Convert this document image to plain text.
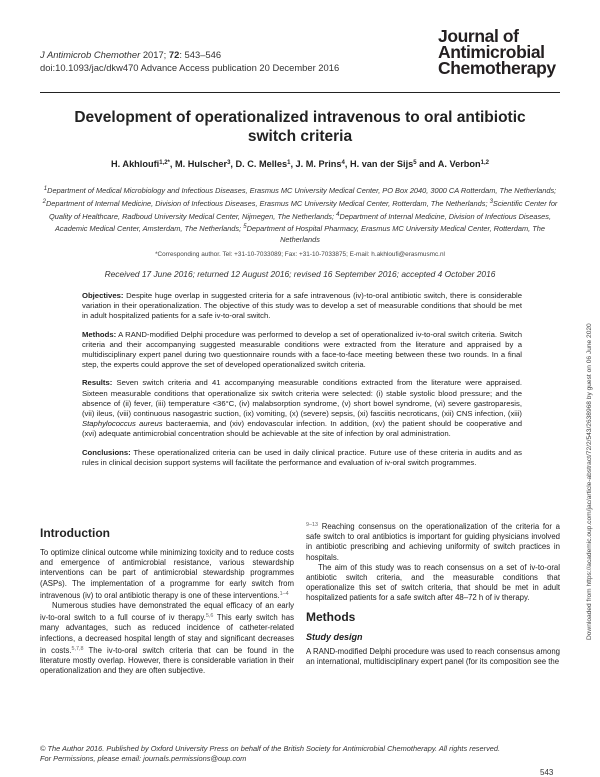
J Antimicrob Chemother 2017; 72: 543–546
doi:10.1093/jac/dkw470 Advance Access publication 20 December 2016
Journal of
Antimicrobial
Chemotherapy
Development of operationalized intravenous to oral antibiotic
switch criteria
H. Akhloufi$^{1,2*}$, M. Hulscher$^3$, D. C. Melles$^1$, J. M. Prins$^4$, H. van der Sijs$^5$ and A. Verbon$^{1,2}$
$^1$Department of Medical Microbiology and Infectious Diseases, Erasmus MC University Medical Center, PO Box 2040, 3000 CA Rotterdam, The Netherlands; $^2$Department of Internal Medicine, Division of Infectious Diseases, Erasmus MC University Medical Center, Rotterdam, The Netherlands; $^3$Scientific Center for Quality of Healthcare, Radboud University Medical Center, Nijmegen, The Netherlands; $^4$Department of Internal Medicine, Division of Infectious Diseases, Academic Medical Center, Amsterdam, The Netherlands; $^5$Department of Hospital Pharmacy, Erasmus MC University Medical Center, Rotterdam, The Netherlands
*Corresponding author. Tel: +31-10-7033089; Fax: +31-10-7033875; E-mail: h.akhloufi@erasmusmc.nl
Received 17 June 2016; returned 12 August 2016; revised 16 September 2016; accepted 4 October 2016

Objectives: Despite huge overlap in suggested criteria for a safe intravenous (iv)-to-oral antibiotic switch, there is considerable variation in their operationalization. The objective of this study was to develop a set of measurable conditions that should be met in adult hospitalized patients for a safe iv-to-oral switch.

Methods: A RAND-modified Delphi procedure was performed to develop a set of operationalized iv-to-oral switch criteria. Switch criteria and their accompanying suggested measurable conditions were extracted from the literature and appraised by a multidisciplinary expert panel during two questionnaire rounds with a face-to-face meeting between these two rounds. In a final step, the experts could approve the set of developed operationalized switch criteria.

Results: Seven switch criteria and 41 accompanying measurable conditions extracted from the literature were appraised. Sixteen measurable conditions that operationalize six switch criteria were selected: (i) stable systolic blood pressure; and the absence of (ii) fever, (iii) temperature <36°C, (iv) malabsorption syndrome, (v) short bowel syndrome, (vi) severe gastroparesis, (vii) ileus, (viii) continuous nasogastric suction, (ix) vomiting, (x) (severe) sepsis, (xi) fasciitis necroticans, (xii) CNS infection, (xiii) Staphylococcus aureus bacteraemia, and (xiv) endovascular infection. In addition, (xv) the patient should be cooperative and (xvi) adequate antimicrobial concentration should be achievable at the site of infection by oral administration.

Conclusions: These operationalized criteria can be used in daily clinical practice. Future use of these criteria in audits and as rules in clinical decision support systems will facilitate the performance and evaluation of iv-oral switch programmes.	Downloaded from https://academic.oup.com/jac/article-abstract/72/2/543/2638968 by guest on 06 June 2020
Introduction

To optimize clinical outcome while minimizing toxicity and to reduce costs and emergence of antimicrobial resistance, various stewardship interventions can be part of antimicrobial stewardship programmes (ASPs). The implementation of a programme for early switch from intravenous (iv) to oral antibiotic therapy is one of these interventions.$^{1-4}$

Numerous studies have demonstrated the equal efficacy of an early iv-to-oral switch to a full course of iv therapy.$^{5,6}$ This early switch has many advantages, such as reduced incidence of catheter-related infections, a decreased hospital length of stay and significant decreases in costs.$^{5,7,8}$ The iv-to-oral switch criteria that can be found in the literature mostly overlap. However, there is considerable variation in their operationalization and they are often subjective.

$^{9-13}$ Reaching consensus on the operationalization of the criteria for a safe switch to oral antibiotics is important for guiding physicians involved in antibiotic prescribing and achieving uniformity of switch practices in hospitals.

The aim of this study was to reach consensus on a set of iv-to-oral antibiotic switch criteria, and the measurable conditions that operationalize this set of switch criteria, that should be met in adult hospitalized patients for a safe switch after 48–72 h of iv therapy.

Methods
Study design

A RAND-modified Delphi procedure was used to reach consensus among an international, multidisciplinary expert panel (for its composition see the

© The Author 2016. Published by Oxford University Press on behalf of the British Society for Antimicrobial Chemotherapy. All rights reserved.
For Permissions, please email: journals.permissions@oup.com
543
